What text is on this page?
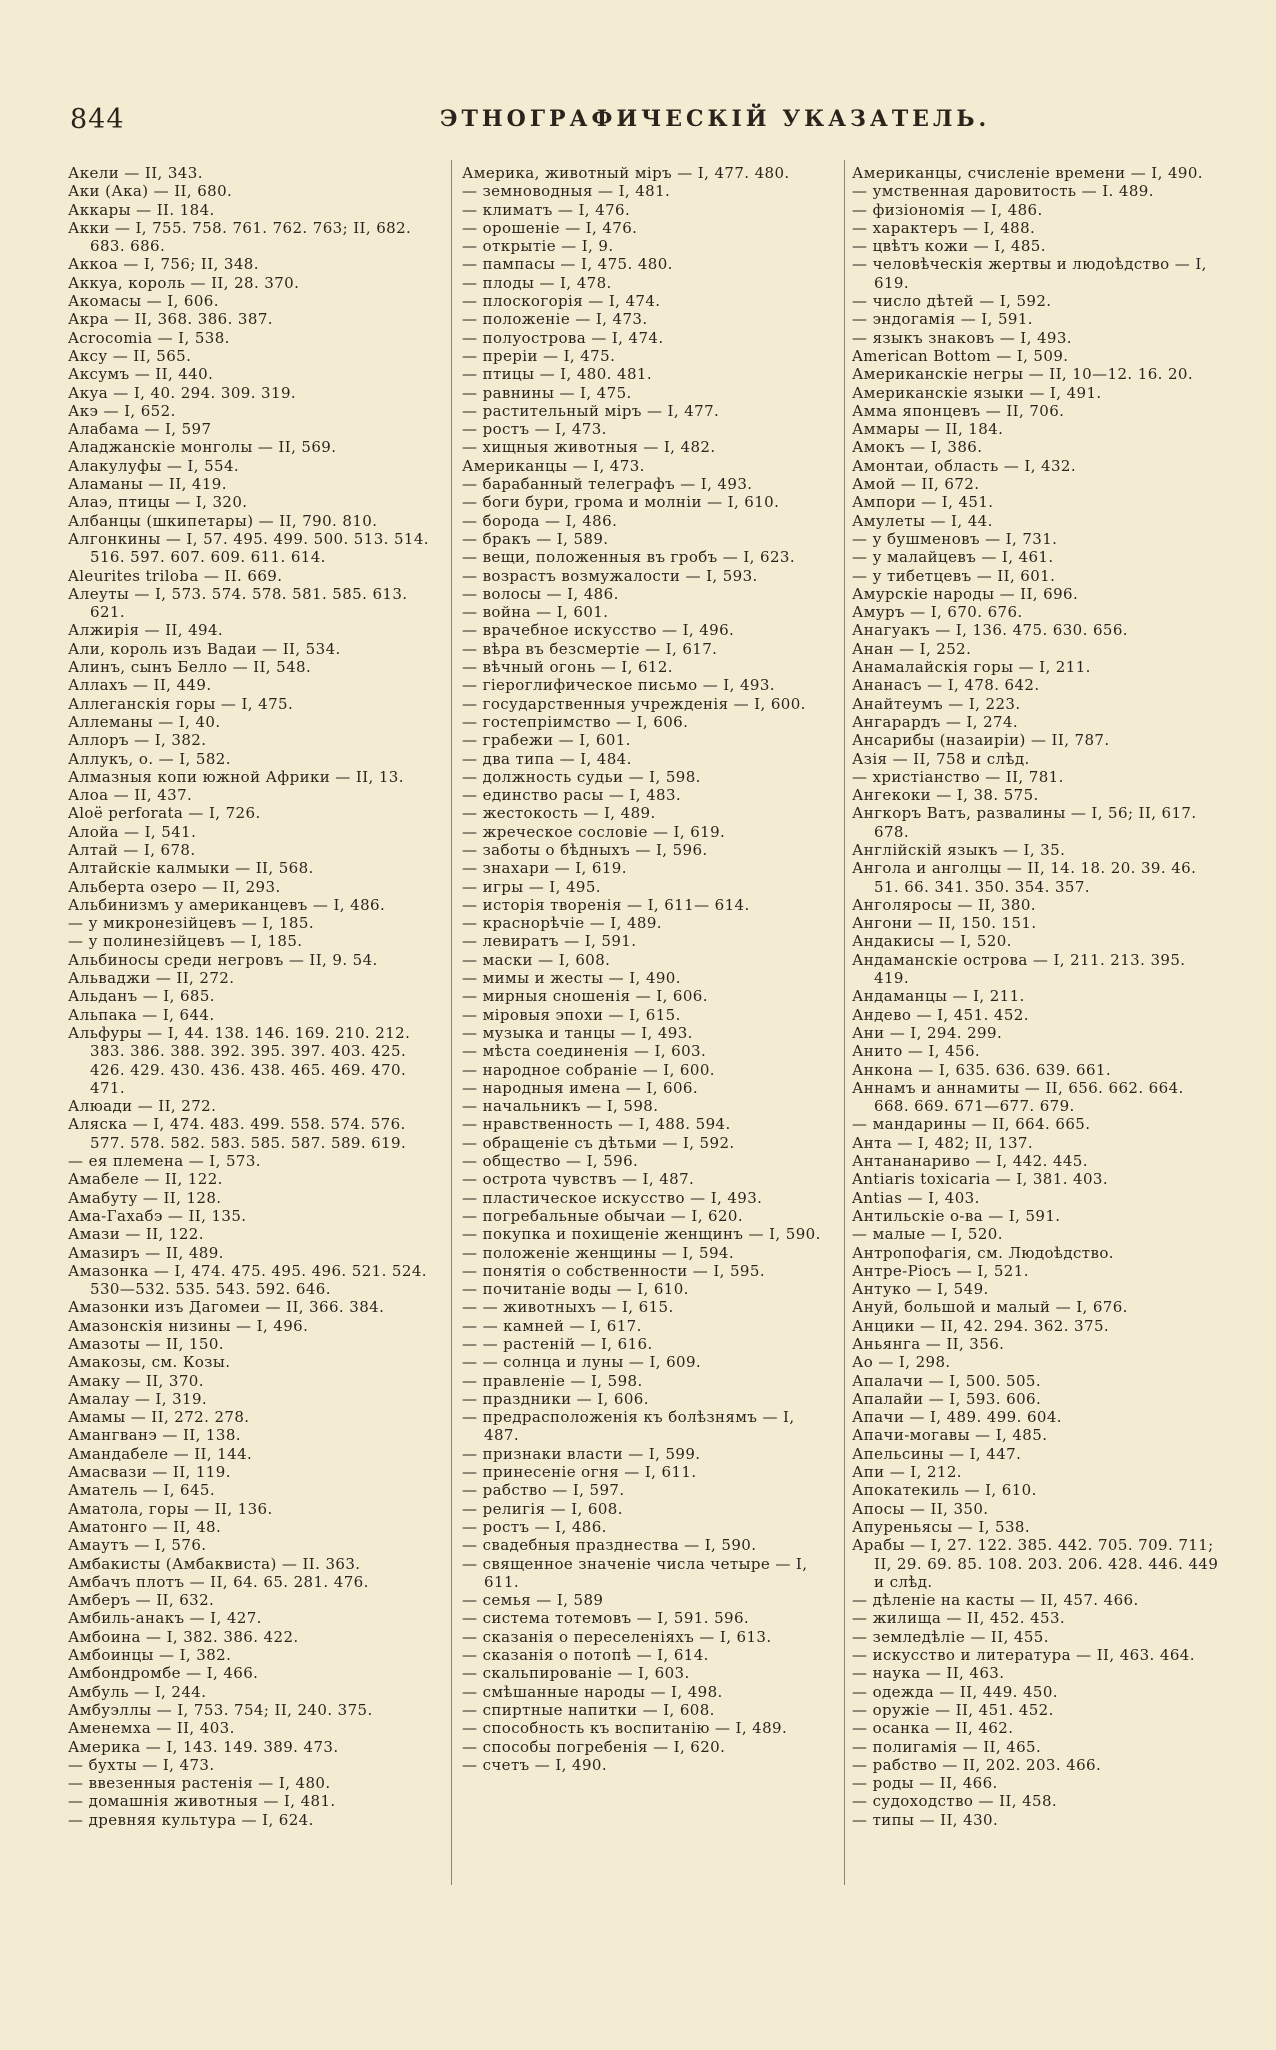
844	ЭТНОГРАФИЧЕСКІЙ УКАЗАТЕЛЬ.
Акели — II, 343.
Аки (Ака) — II, 680.
Аккары — II. 184.
Акки — I, 755. 758. 761. 762. 763; II, 682. 683. 686.
Аккоа — I, 756; II, 348.
Аккуа, король — II, 28. 370.
Акомасы — I, 606.
Акра — II, 368. 386. 387.
Acrocomia — I, 538.
Аксу — II, 565.
Аксумъ — II, 440.
Акуа — I, 40. 294. 309. 319.
Акэ — I, 652.
Алабама — I, 597
Аладжанскіе монголы — II, 569.
Алакулуфы — I, 554.
Аламаны — II, 419.
Алаэ, птицы — I, 320.
Албанцы (шкипетары) — II, 790. 810.
Алгонкины — I, 57. 495. 499. 500. 513. 514. 516. 597. 607. 609. 611. 614.
Aleurites triloba — II. 669.
Алеуты — I, 573. 574. 578. 581. 585. 613. 621.
Алжирія — II, 494.
Али, король изъ Вадаи — II, 534.
Алинъ, сынъ Белло — II, 548.
Аллахъ — II, 449.
Аллеганскія горы — I, 475.
Аллеманы — I, 40.
Аллоръ — I, 382.
Аллукъ, о. — I, 582.
Алмазныя копи южной Африки — II, 13.
Алоа — II, 437.
Aloë perforata — I, 726.
Алойа — I, 541.
Алтай — I, 678.
Алтайскіе калмыки — II, 568.
Альберта озеро — II, 293.
Альбинизмъ у американцевъ — I, 486.
— у микронезійцевъ — I, 185.
— у полинезійцевъ — I, 185.
Альбиносы среди негровъ — II, 9. 54.
Альваджи — II, 272.
Альданъ — I, 685.
Альпака — I, 644.
Альфуры — I, 44. 138. 146. 169. 210. 212. 383. 386. 388. 392. 395. 397. 403. 425. 426. 429. 430. 436. 438. 465. 469. 470. 471.
Алюади — II, 272.
Аляска — I, 474. 483. 499. 558. 574. 576. 577. 578. 582. 583. 585. 587. 589. 619.
— ея племена — I, 573.
Амабеле — II, 122.
Амабуту — II, 128.
Ама-Гахабэ — II, 135.
Амази — II, 122.
Амазиръ — II, 489.
Амазонка — I, 474. 475. 495. 496. 521. 524. 530—532. 535. 543. 592. 646.
Амазонки изъ Дагомеи — II, 366. 384.
Амазонскія низины — I, 496.
Амазоты — II, 150.
Амакозы, см. Козы.
Амаку — II, 370.
Амалау — I, 319.
Амамы — II, 272. 278.
Амангванэ — II, 138.
Амандабеле — II, 144.
Амасвази — II, 119.
Аматель — I, 645.
Аматола, горы — II, 136.
Аматонго — II, 48.
Амаутъ — I, 576.
Амбакисты (Амбаквиста) — II. 363.
Амбачъ плотъ — II, 64. 65. 281. 476.
Амберъ — II, 632.
Амбиль-анакъ — I, 427.
Амбоина — I, 382. 386. 422.
Амбоинцы — I, 382.
Амбондромбе — I, 466.
Амбуль — I, 244.
Амбуэллы — I, 753. 754; II, 240. 375.
Аменемха — II, 403.
Америка — I, 143. 149. 389. 473.
— бухты — I, 473.
— ввезенныя растенія — I, 480.
— домашнія животныя — I, 481.
— древняя культура — I, 624.
Америка, животный міръ — I, 477. 480.
— земноводныя — I, 481.
— климатъ — I, 476.
— орошеніе — I, 476.
— открытіе — I, 9.
— пампасы — I, 475. 480.
— плоды — I, 478.
— плоскогорія — I, 474.
— положеніе — I, 473.
— полуострова — I, 474.
— преріи — I, 475.
— птицы — I, 480. 481.
— равнины — I, 475.
— растительный міръ — I, 477.
— ростъ — I, 473.
— хищныя животныя — I, 482.
Американцы — I, 473.
— барабанный телеграфъ — I, 493.
— боги бури, грома и молніи — I, 610.
— борода — I, 486.
— бракъ — I, 589.
— вещи, положенныя въ гробъ — I, 623.
— возрастъ возмужалости — I, 593.
— волосы — I, 486.
— война — I, 601.
— врачебное искусство — I, 496.
— вѣра въ безсмертіе — I, 617.
— вѣчный огонь — I, 612.
— гіероглифическое письмо — I, 493.
— государственныя учрежденія — I, 600.
— гостепріимство — I, 606.
— грабежи — I, 601.
— два типа — I, 484.
— должность судьи — I, 598.
— единство расы — I, 483.
— жестокость — I, 489.
— жреческое сословіе — I, 619.
— заботы о бѣдныхъ — I, 596.
— знахари — I, 619.
— игры — I, 495.
— исторія творенія — I, 611— 614.
— краснорѣчіе — I, 489.
— левиратъ — I, 591.
— маски — I, 608.
— мимы и жесты — I, 490.
— мирныя сношенія — I, 606.
— міровыя эпохи — I, 615.
— музыка и танцы — I, 493.
— мѣста соединенія — I, 603.
— народное собраніе — I, 600.
— народныя имена — I, 606.
— начальникъ — I, 598.
— нравственность — I, 488. 594.
— обращеніе съ дѣтьми — I, 592.
— общество — I, 596.
— острота чувствъ — I, 487.
— пластическое искусство — I, 493.
— погребальные обычаи — I, 620.
— покупка и похищеніе женщинъ — I, 590.
— положеніе женщины — I, 594.
— понятія о собственности — I, 595.
— почитаніе воды — I, 610.
— — животныхъ — I, 615.
— — камней — I, 617.
— — растеній — I, 616.
— — солнца и луны — I, 609.
— правленіе — I, 598.
— праздники — I, 606.
— предрасположенія къ болѣзнямъ — I, 487.
— признаки власти — I, 599.
— принесеніе огня — I, 611.
— рабство — I, 597.
— религія — I, 608.
— ростъ — I, 486.
— свадебныя празднества — I, 590.
— священное значеніе числа четыре — I, 611.
— семья — I, 589
— система тотемовъ — I, 591. 596.
— сказанія о переселеніяхъ — I, 613.
— сказанія о потопѣ — I, 614.
— скальпированіе — I, 603.
— смѣшанные народы — I, 498.
— спиртные напитки — I, 608.
— способность къ воспитанію — I, 489.
— способы погребенія — I, 620.
— счетъ — I, 490.
Американцы, счисленіе времени — I, 490.
— умственная даровитость — I. 489.
— физіономія — I, 486.
— характеръ — I, 488.
— цвѣтъ кожи — I, 485.
— человѣческія жертвы и людоѣдство — I, 619.
— число дѣтей — I, 592.
— эндогамія — I, 591.
— языкъ знаковъ — I, 493.
American Bottom — I, 509.
Американскіе негры — II, 10—12. 16. 20.
Американскіе языки — I, 491.
Амма японцевъ — II, 706.
Аммары — II, 184.
Амокъ — I, 386.
Амонтаи, область — I, 432.
Амой — II, 672.
Ампори — I, 451.
Амулеты — I, 44.
— у бушменовъ — I, 731.
— у малайцевъ — I, 461.
— у тибетцевъ — II, 601.
Амурскіе народы — II, 696.
Амуръ — I, 670. 676.
Анагуакъ — I, 136. 475. 630. 656.
Анан — I, 252.
Анамалайскія горы — I, 211.
Ананасъ — I, 478. 642.
Анайтеумъ — I, 223.
Ангарардъ — I, 274.
Ансарибы (назаиріи) — II, 787.
Азія — II, 758 и слѣд.
— христіанство — II, 781.
Ангекоки — I, 38. 575.
Ангкоръ Ватъ, развалины — I, 56; II, 617. 678.
Англійскій языкъ — I, 35.
Ангола и анголцы — II, 14. 18. 20. 39. 46. 51. 66. 341. 350. 354. 357.
Анголяросы — II, 380.
Ангони — II, 150. 151.
Андакисы — I, 520.
Андаманскіе острова — I, 211. 213. 395. 419.
Андаманцы — I, 211.
Андево — I, 451. 452.
Ани — I, 294. 299.
Анито — I, 456.
Анкона — I, 635. 636. 639. 661.
Аннамъ и аннамиты — II, 656. 662. 664. 668. 669. 671—677. 679.
— мандарины — II, 664. 665.
Анта — I, 482; II, 137.
Антананариво — I, 442. 445.
Antiaris toxicaria — I, 381. 403.
Antias — I, 403.
Антильскіе о-ва — I, 591.
— малые — I, 520.
Антропофагія, см. Людоѣдство.
Антре-Ріосъ — I, 521.
Антуко — I, 549.
Ануй, большой и малый — I, 676.
Анцики — II, 42. 294. 362. 375.
Аньянга — II, 356.
Ао — I, 298.
Апалачи — I, 500. 505.
Апалайи — I, 593. 606.
Апачи — I, 489. 499. 604.
Апачи-могавы — I, 485.
Апельсины — I, 447.
Апи — I, 212.
Апокатекиль — I, 610.
Апосы — II, 350.
Апуреньясы — I, 538.
Арабы — I, 27. 122. 385. 442. 705. 709. 711; II, 29. 69. 85. 108. 203. 206. 428. 446. 449 и слѣд.
— дѣленіе на касты — II, 457. 466.
— жилища — II, 452. 453.
— земледѣліе — II, 455.
— искусство и литература — II, 463. 464.
— наука — II, 463.
— одежда — II, 449. 450.
— оружіе — II, 451. 452.
— осанка — II, 462.
— полигамія — II, 465.
— рабство — II, 202. 203. 466.
— роды — II, 466.
— судоходство — II, 458.
— типы — II, 430.
